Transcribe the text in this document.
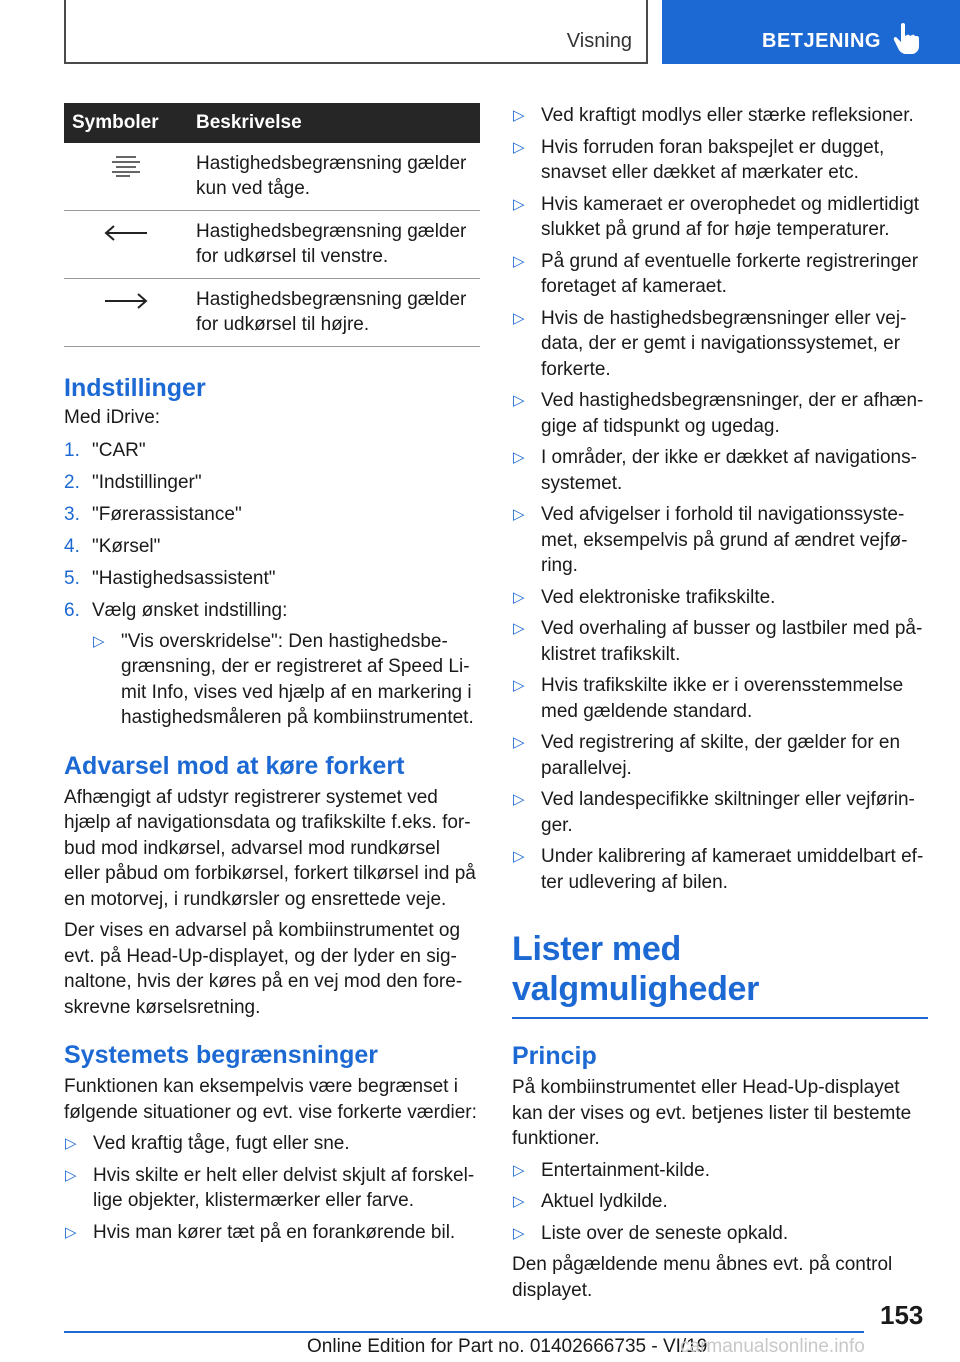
Visning	BETJENING
Symboler	Beskrivelse
	Hastighedsbegrænsning gælder kun ved tåge.
	Hastighedsbegrænsning gælder for udkørsel til venstre.
	Hastighedsbegrænsning gælder for udkørsel til højre.
Indstillinger

Med iDrive:

1. "CAR"
2. "Indstillinger"
3. "Førerassistance"
4. "Kørsel"
5. "Hastighedsassistent"
6. Vælg ønsket indstilling:
▷ "Vis overskridelse": Den hastighedsbegrænsning, der er registreret af Speed Limit Info, vises ved hjælp af en markering i hastighedsmåleren på kombiinstrumentet.
Advarsel mod at køre forkert

Afhængigt af udstyr registrerer systemet ved hjælp af navigationsdata og trafikskilte f.eks. forbud mod indkørsel, advarsel mod rundkørsel eller påbud om forbikørsel, forkert tilkørsel ind på en motorvej, i rundkørsler og ensrettede veje.

Der vises en advarsel på kombiinstrumentet og evt. på Head-Up-displayet, og der lyder en signaltone, hvis der køres på en vej mod den foreskrevne kørselsretning.

Systemets begrænsninger

Funktionen kan eksempelvis være begrænset i følgende situationer og evt. vise forkerte værdier:

▷ Ved kraftig tåge, fugt eller sne.
▷ Hvis skilte er helt eller delvist skjult af forskellige objekter, klistermærker eller farve.
▷ Hvis man kører tæt på en forankørende bil.
▷ Ved kraftigt modlys eller stærke refleksioner.
▷ Hvis forruden foran bakspejlet er dugget, snavset eller dækket af mærkater etc.
▷ Hvis kameraet er overophedet og midlertidigt slukket på grund af for høje temperaturer.
▷ På grund af eventuelle forkerte registreringer foretaget af kameraet.
▷ Hvis de hastighedsbegrænsninger eller vejdata, der er gemt i navigationssystemet, er forkerte.
▷ Ved hastighedsbegrænsninger, der er afhængige af tidspunkt og ugedag.
▷ I områder, der ikke er dækket af navigationssystemet.
▷ Ved afvigelser i forhold til navigationssystemet, eksempelvis på grund af ændret vejføring.
▷ Ved elektroniske trafikskilte.
▷ Ved overhaling af busser og lastbiler med påklistret trafikskilt.
▷ Hvis trafikskilte ikke er i overensstemmelse med gældende standard.
▷ Ved registrering af skilte, der gælder for en parallelvej.
▷ Ved landespecifikke skiltninger eller vejføringer.
▷ Under kalibrering af kameraet umiddelbart efter udlevering af bilen.
Lister med valgmuligheder
Princip

På kombiinstrumentet eller Head-Up-displayet kan der vises og evt. betjenes lister til bestemte funktioner.

▷ Entertainment-kilde.
▷ Aktuel lydkilde.
▷ Liste over de seneste opkald.

Den pågældende menu åbnes evt. på control displayet.

153
Online Edition for Part no. 01402666735 - VI/19
carmanualsonline.info
